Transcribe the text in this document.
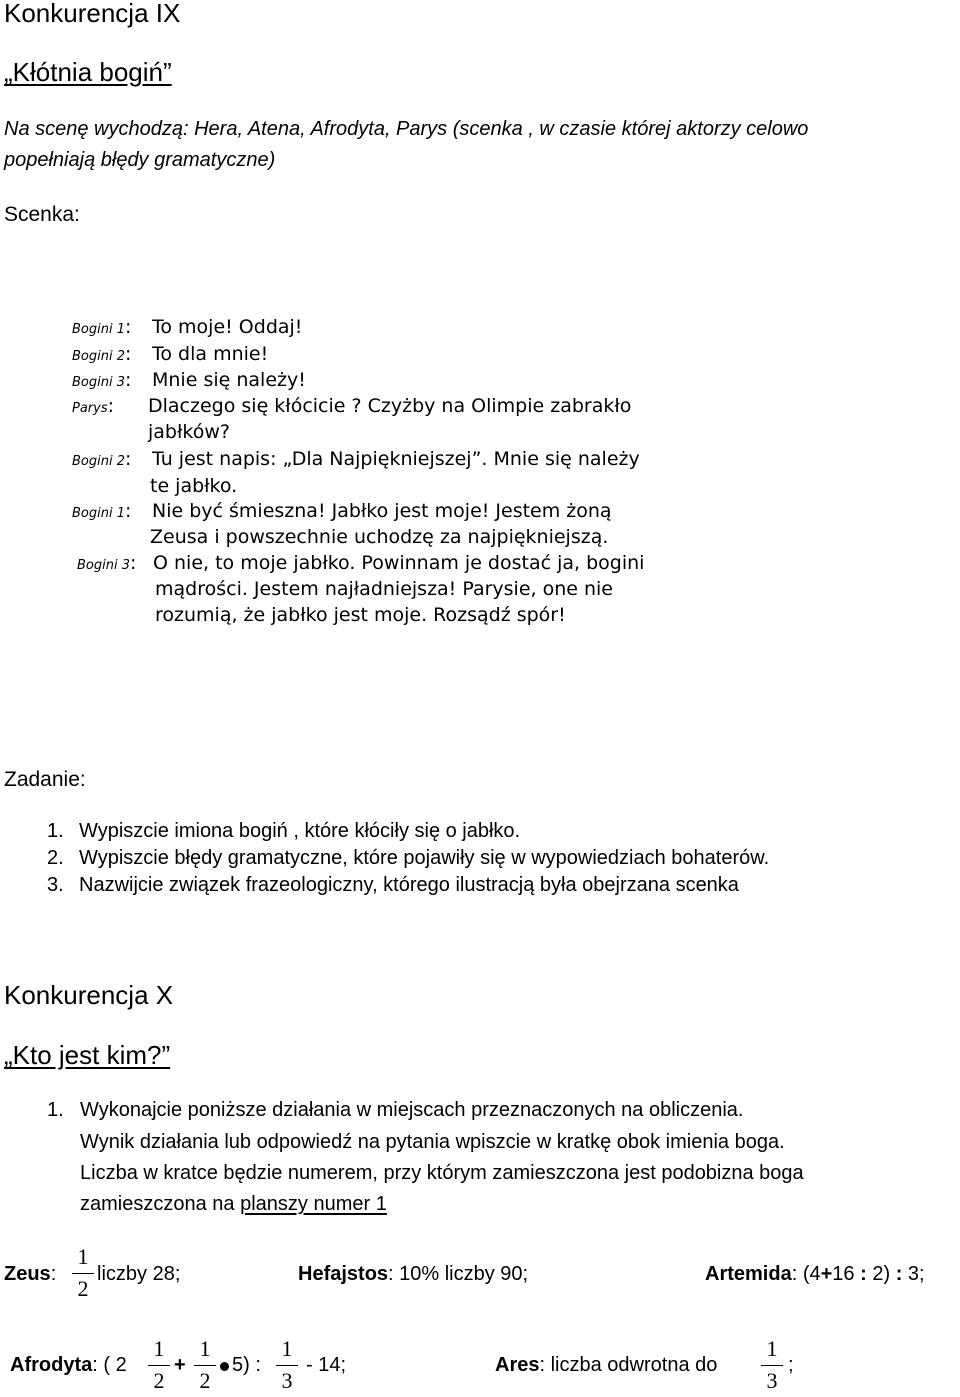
Konkurencja IX
„Kłótnia bogiń”
Na scenę wychodzą: Hera, Atena, Afrodyta, Parys (scenka , w czasie której aktorzy celowo
popełniają błędy gramatyczne)
Scenka:
Bogini 1: To moje! Oddaj!
Bogini 2: To dla mnie!
Bogini 3: Mnie się należy!
Parys: Dlaczego się kłócicie ? Czyżby na Olimpie zabrakło
jabłków?
Bogini 2: Tu jest napis: „Dla Najpiękniejszej”. Mnie się należy
te jabłko.
Bogini 1: Nie być śmieszna! Jabłko jest moje! Jestem żoną
Zeusa i powszechnie uchodzę za najpiękniejszą.
Bogini 3: O nie, to moje jabłko. Powinnam je dostać ja, bogini
mądrości. Jestem najładniejsza! Parysie, one nie
rozumią, że jabłko jest moje. Rozsądź spór!
Zadanie:
1. Wypiszcie imiona bogiń , które kłóciły się o jabłko.
2. Wypiszcie błędy gramatyczne, które pojawiły się w wypowiedziach bohaterów.
3. Nazwijcie związek frazeologiczny, którego ilustracją była obejrzana scenka
Konkurencja X
„Kto jest kim?”
1. Wykonajcie poniższe działania w miejscach przeznaczonych na obliczenia.
Wynik działania lub odpowiedź na pytania wpiszcie w kratkę obok imienia boga.
Liczba w kratce będzie numerem, przy którym zamieszczona jest podobizna boga
zamieszczona na planszy numer 1
Zeus:
1
2
liczby 28;	Hefajstos: 10% liczby 90;	Artemida: (4+16 : 2) : 3;
Afrodyta: ( 2
1
2
+
1
2
5) :
1
3
- 14;	Ares: liczba odwrotna do
1
3
;
